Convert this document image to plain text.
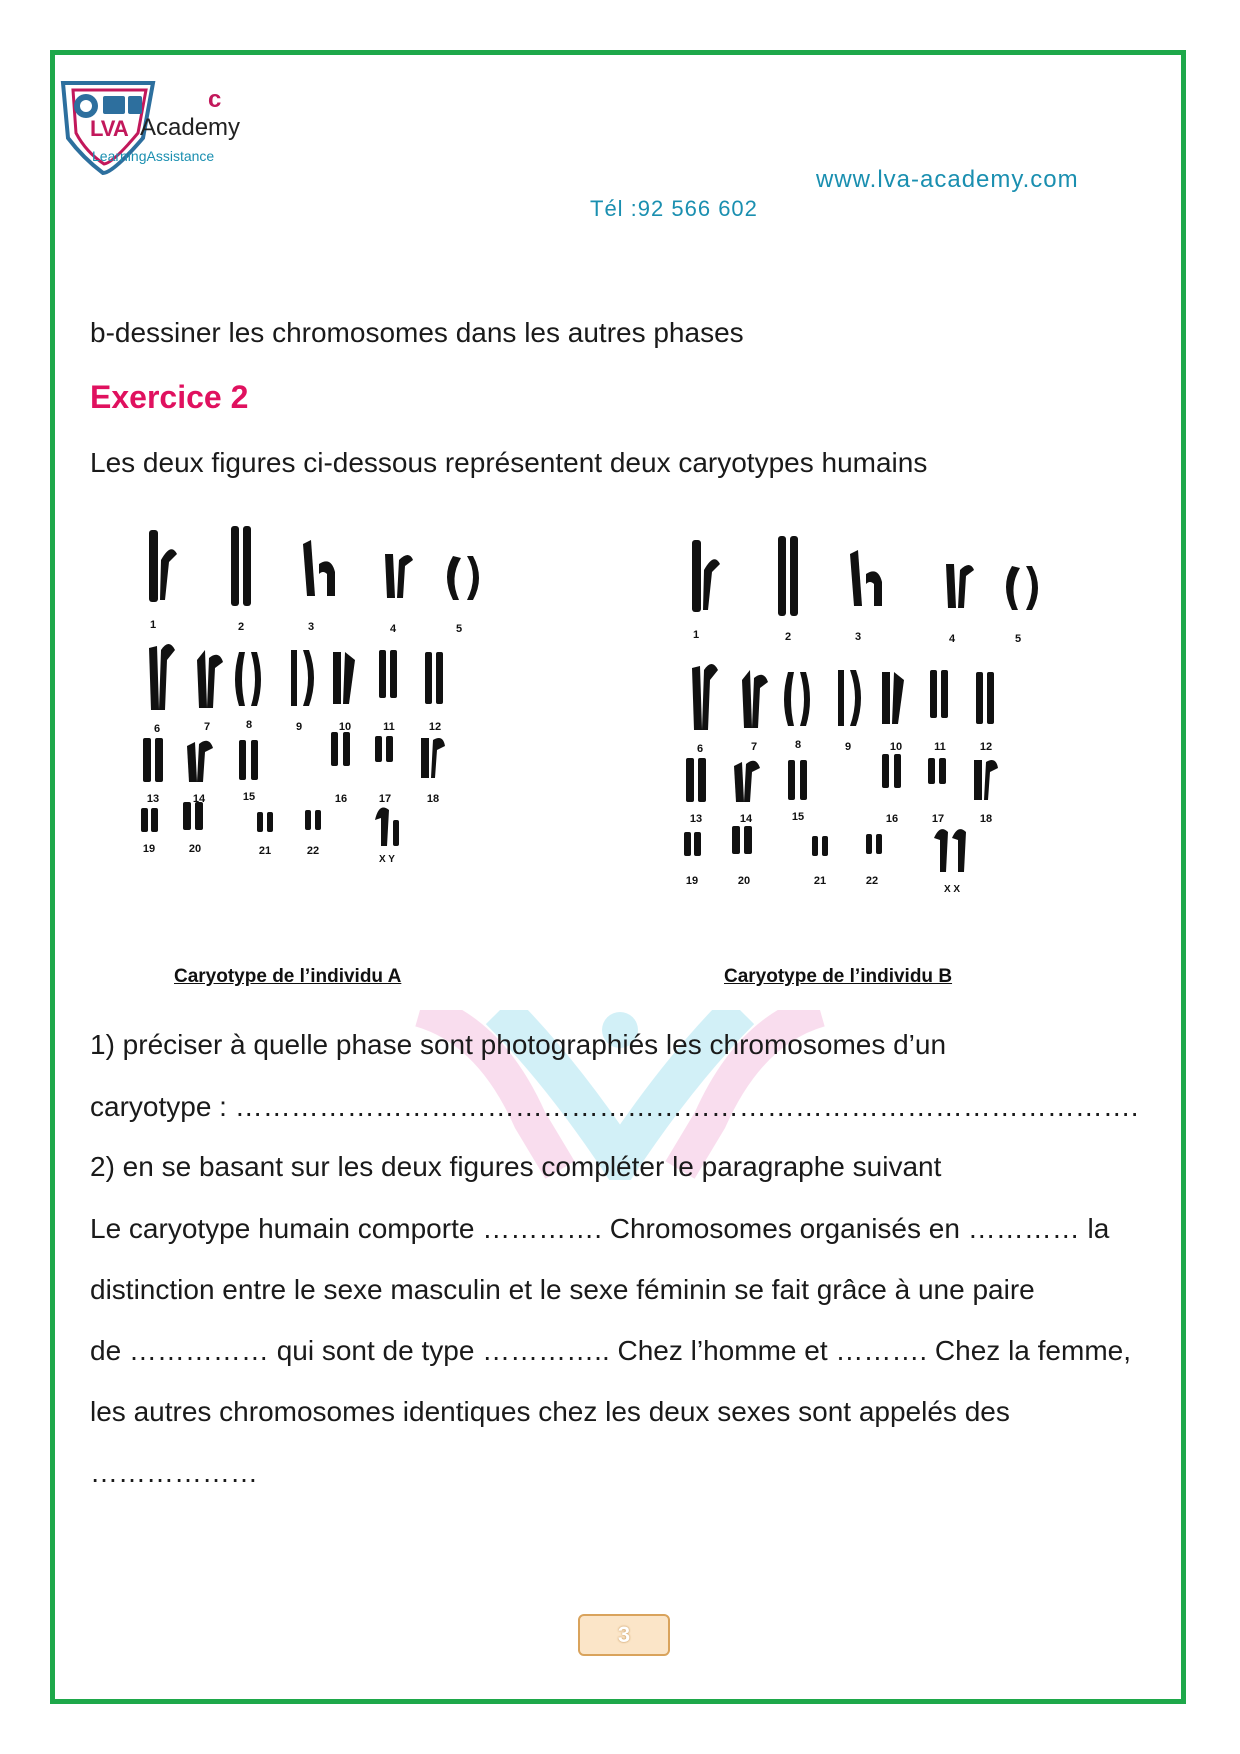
c
LVA Academy
LearningAssistance
www.lva-academy.com
Tél :92 566 602
b-dessiner les chromosomes dans les autres phases
Exercice 2
Les deux figures ci-dessous représentent deux caryotypes humains
1	2	3	4	5
6	7	8	9	10	11	12
13	14	15	16	17	18
19	20	21	22
X Y
1	2	3	4	5
6	7	8	9	10	11	12
13	14	15	16	17	18
19	20	21	22
X X
Caryotype de l’individu A	Caryotype de l’individu B
1) préciser à quelle phase sont photographiés les chromosomes d’un
caryotype : …………………………………………………………………………………….
2) en se basant sur les deux figures compléter le paragraphe suivant
Le caryotype humain comporte …………. Chromosomes organisés en ………… la
distinction entre le sexe masculin et le sexe féminin se fait grâce à une paire
de …………… qui sont de type ………….. Chez l’homme et ………. Chez la femme,
les autres chromosomes identiques chez les deux sexes sont appelés des
………………
3
